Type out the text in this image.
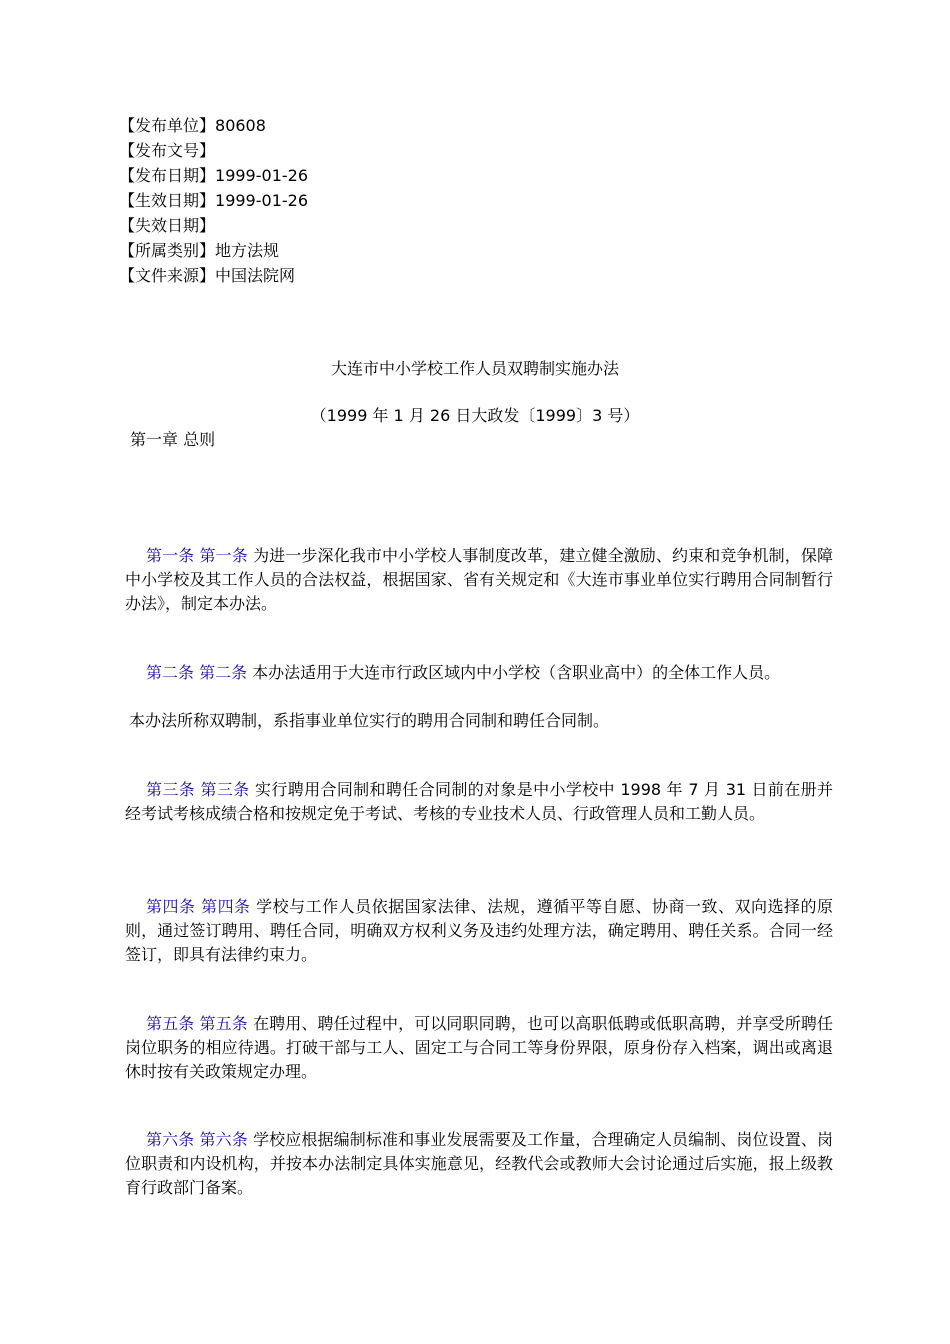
【发布单位】80608
【发布文号】
【发布日期】1999-01-26
【生效日期】1999-01-26
【失效日期】
【所属类别】地方法规
【文件来源】中国法院网
大连市中小学校工作人员双聘制实施办法
（1999 年 1 月 26 日大政发〔1999〕3 号）
第一章 总则
第一条 第一条 为进一步深化我市中小学校人事制度改革，建立健全激励、约束和竞争机制，保障中小学校及其工作人员的合法权益，根据国家、省有关规定和《大连市事业单位实行聘用合同制暂行办法》，制定本办法。
第二条 第二条 本办法适用于大连市行政区域内中小学校（含职业高中）的全体工作人员。
本办法所称双聘制，系指事业单位实行的聘用合同制和聘任合同制。
第三条 第三条 实行聘用合同制和聘任合同制的对象是中小学校中 1998 年 7 月 31 日前在册并经考试考核成绩合格和按规定免于考试、考核的专业技术人员、行政管理人员和工勤人员。
第四条 第四条 学校与工作人员依据国家法律、法规，遵循平等自愿、协商一致、双向选择的原则，通过签订聘用、聘任合同，明确双方权利义务及违约处理方法，确定聘用、聘任关系。合同一经签订，即具有法律约束力。
第五条 第五条 在聘用、聘任过程中，可以同职同聘，也可以高职低聘或低职高聘，并享受所聘任岗位职务的相应待遇。打破干部与工人、固定工与合同工等身份界限，原身份存入档案，调出或离退休时按有关政策规定办理。
第六条 第六条 学校应根据编制标准和事业发展需要及工作量，合理确定人员编制、岗位设置、岗位职责和内设机构，并按本办法制定具体实施意见，经教代会或教师大会讨论通过后实施，报上级教育行政部门备案。
